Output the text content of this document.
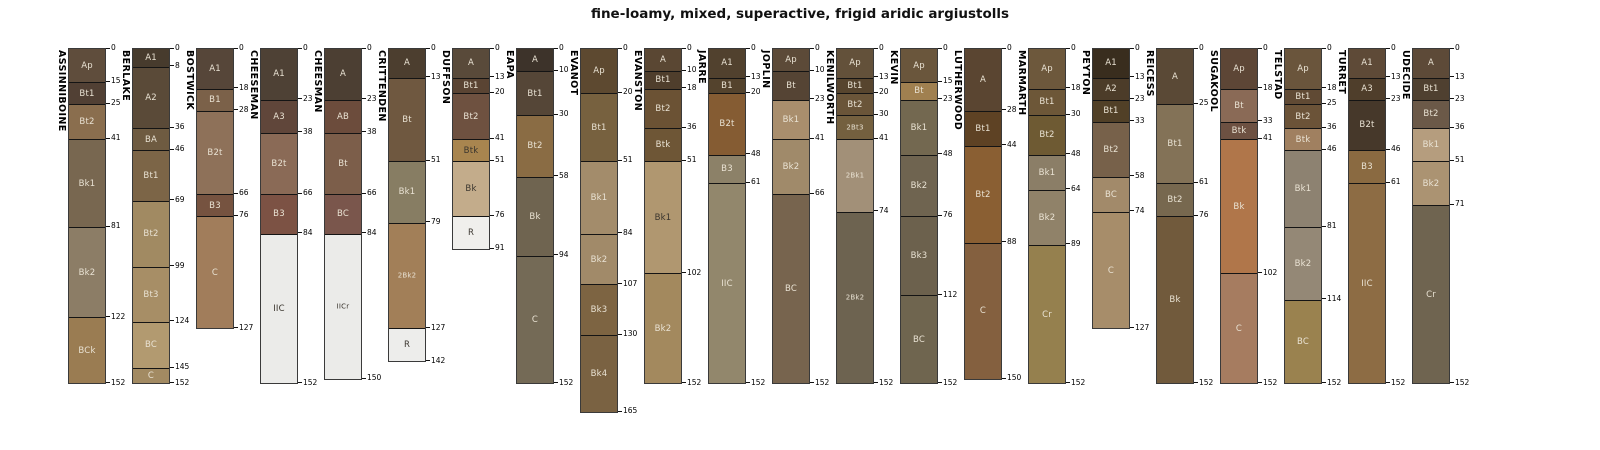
fine-loamy, mixed, superactive, frigid aridic argiustolls
ASSINNIBOINE	Ap
Bt1
Bt2
Bk1
Bk2
BCk
0
15
25
41
81
122
152
BERLAKE	A1
A2
BA
Bt1
Bt2
Bt3
BC
C
0
8
36
46
69
99
124
145
152
BOSTWICK	A1
B1
B2t
B3
C
0
18
28
66
76
127
CHEESEMAN	A1
A3
B2t
B3
IIC
0
23
38
66
84
152
CHEESMAN	A
AB
Bt
BC
IICr
0
23
38
66
84
150
CRITTENDEN	A
Bt
Bk1
2Bk2
R
0
13
51
79
127
142
DUFFSON	A
Bt1
Bt2
Btk
Bk
R
0
13
20
41
51
76
91
EAPA	A
Bt1
Bt2
Bk
C
0
10
30
58
94
152
EVANOT	Ap
Bt1
Bk1
Bk2
Bk3
Bk4
0
20
51
84
107
130
165
EVANSTON	A
Bt1
Bt2
Btk
Bk1
Bk2
0
10
18
36
51
102
152
JARRE	A1
B1
B2t
B3
IIC
0
13
20
48
61
152
JOPLIN	Ap
Bt
Bk1
Bk2
BC
0
10
23
41
66
152
KENILWORTH	Ap
Bt1
Bt2
2Bt3
2Bk1
2Bk2
0
13
20
30
41
74
152
KEVIN	Ap
Bt
Bk1
Bk2
Bk3
BC
0
15
23
48
76
112
152
LUTHERWOOD	A
Bt1
Bt2
C
0
28
44
88
150
MARMARTH	Ap
Bt1
Bt2
Bk1
Bk2
Cr
0
18
30
48
64
89
152
PEYTON	A1
A2
Bt1
Bt2
BC
C
0
13
23
33
58
74
127
REICESS	A
Bt1
Bt2
Bk
0
25
61
76
152
SUGAKOOL	Ap
Bt
Btk
Bk
C
0
18
33
41
102
152
TELSTAD	Ap
Bt1
Bt2
Btk
Bk1
Bk2
BC
0
18
25
36
46
81
114
152
TURRET	A1
A3
B2t
B3
IIC
0
13
23
46
61
152
UDECIDE	A
Bt1
Bt2
Bk1
Bk2
Cr
0
13
23
36
51
71
152
